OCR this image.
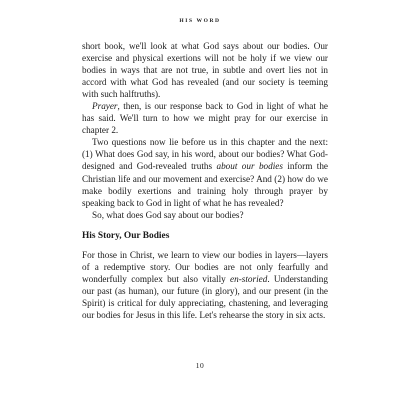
HIS WORD

short book, we'll look at what God says about our bodies. Our exercise and physical exertions will not be holy if we view our bodies in ways that are not true, in subtle and overt lies not in accord with what God has revealed (and our society is teeming with such halftruths).

Prayer, then, is our response back to God in light of what he has said. We'll turn to how we might pray for our exercise in chapter 2.

Two questions now lie before us in this chapter and the next: (1) What does God say, in his word, about our bodies? What God-designed and God-revealed truths about our bodies inform the Christian life and our movement and exercise? And (2) how do we make bodily exertions and training holy through prayer by speaking back to God in light of what he has revealed?

So, what does God say about our bodies?

His Story, Our Bodies

For those in Christ, we learn to view our bodies in layers—layers of a redemptive story. Our bodies are not only fearfully and wonderfully complex but also vitally en-storied. Understanding our past (as human), our future (in glory), and our present (in the Spirit) is critical for duly appreciating, chastening, and leveraging our bodies for Jesus in this life. Let's rehearse the story in six acts.

10
